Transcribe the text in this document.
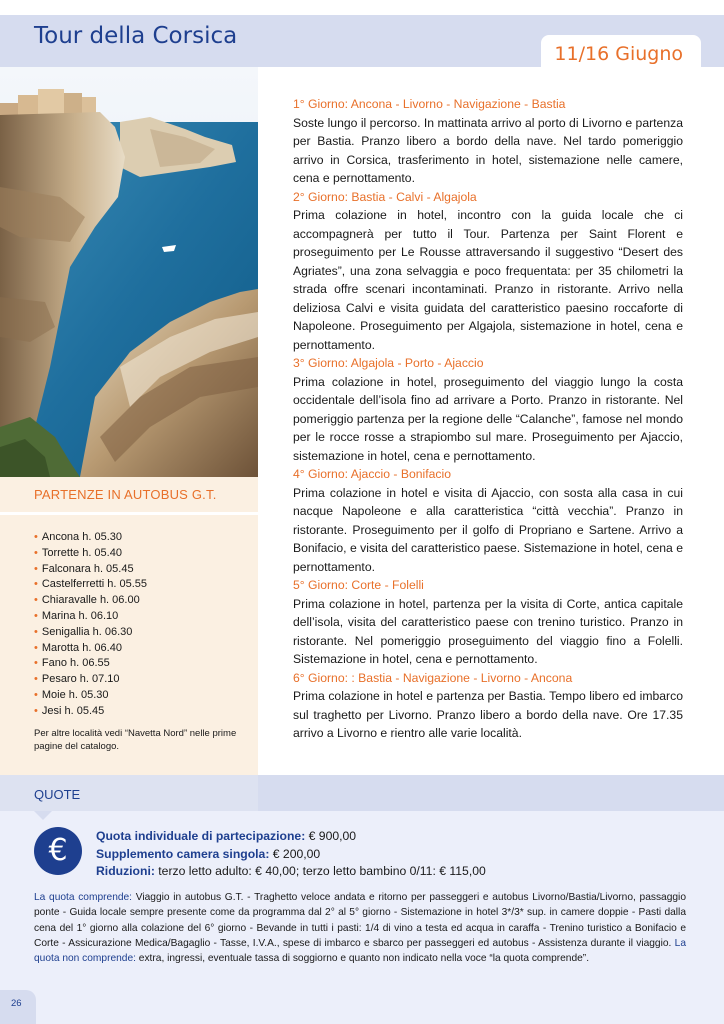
Tour della Corsica
11/16 Giugno
PARTENZE IN AUTOBUS G.T.
• Ancona h. 05.30
• Torrette h. 05.40
• Falconara h. 05.45
• Castelferretti h. 05.55
• Chiaravalle h. 06.00
• Marina h. 06.10
• Senigallia h. 06.30
• Marotta h. 06.40
• Fano h. 06.55
• Pesaro h. 07.10
• Moie h. 05.30
• Jesi h. 05.45
Per altre località vedi “Navetta Nord” nelle prime pagine del catalogo.
1° Giorno: Ancona - Livorno - Navigazione - Bastia
Soste lungo il percorso. In mattinata arrivo al porto di Livorno e partenza per Bastia. Pranzo libero a bordo della nave. Nel tardo pomeriggio arrivo in Corsica, trasferimento in hotel, sistemazione nelle camere, cena e pernottamento.
2° Giorno: Bastia - Calvi - Algajola
Prima colazione in hotel, incontro con la guida locale che ci accompagnerà per tutto il Tour. Partenza per Saint Florent e proseguimento per Le Rousse attraversando il suggestivo “Desert des Agriates”, una zona selvaggia e poco frequentata: per 35 chilometri la strada offre scenari incontaminati. Pranzo in ristorante. Arrivo nella deliziosa Calvi e visita guidata del caratteristico paesino roccaforte di Napoleone. Proseguimento per Algajola, sistemazione in hotel, cena e pernottamento.
3° Giorno: Algajola - Porto - Ajaccio
Prima colazione in hotel, proseguimento del viaggio lungo la costa occidentale dell’isola fino ad arrivare a Porto. Pranzo in ristorante. Nel pomeriggio partenza per la regione delle “Calanche”, famose nel mondo per le rocce rosse a strapiombo sul mare. Proseguimento per Ajaccio, sistemazione in hotel, cena e pernottamento.
4° Giorno: Ajaccio - Bonifacio
Prima colazione in hotel e visita di Ajaccio, con sosta alla casa in cui nacque Napoleone e alla caratteristica “città vecchia”. Pranzo in ristorante. Proseguimento per il golfo di Propriano e Sartene. Arrivo a Bonifacio, e visita del caratteristico paese. Sistemazione in hotel, cena e pernottamento.
5° Giorno: Corte - Folelli
Prima colazione in hotel, partenza per la visita di Corte, antica capitale dell’isola, visita del caratteristico paese con trenino turistico. Pranzo in ristorante. Nel pomeriggio proseguimento del viaggio fino a Folelli. Sistemazione in hotel, cena e pernottamento.
6° Giorno: : Bastia - Navigazione - Livorno - Ancona
Prima colazione in hotel e partenza per Bastia. Tempo libero ed imbarco sul traghetto per Livorno. Pranzo libero a bordo della nave. Ore 17.35 arrivo a Livorno e rientro alle varie località.
QUOTE
€	Quota individuale di partecipazione: € 900,00
Supplemento camera singola: € 200,00
Riduzioni: terzo letto adulto: € 40,00; terzo letto bambino 0/11: € 115,00
La quota comprende: Viaggio in autobus G.T. - Traghetto veloce andata e ritorno per passeggeri e autobus Livorno/Bastia/Livorno, passaggio ponte - Guida locale sempre presente come da programma dal 2° al 5° giorno - Sistemazione in hotel 3*/3* sup. in camere doppie - Pasti dalla cena del 1° giorno alla colazione del 6° giorno - Bevande in tutti i pasti: 1/4 di vino a testa ed acqua in caraffa - Trenino turistico a Bonifacio e Corte - Assicurazione Medica/Bagaglio - Tasse, I.V.A., spese di imbarco e sbarco per passeggeri ed autobus - Assistenza durante il viaggio. La quota non comprende: extra, ingressi, eventuale tassa di soggiorno e quanto non indicato nella voce “la quota comprende”.
26
